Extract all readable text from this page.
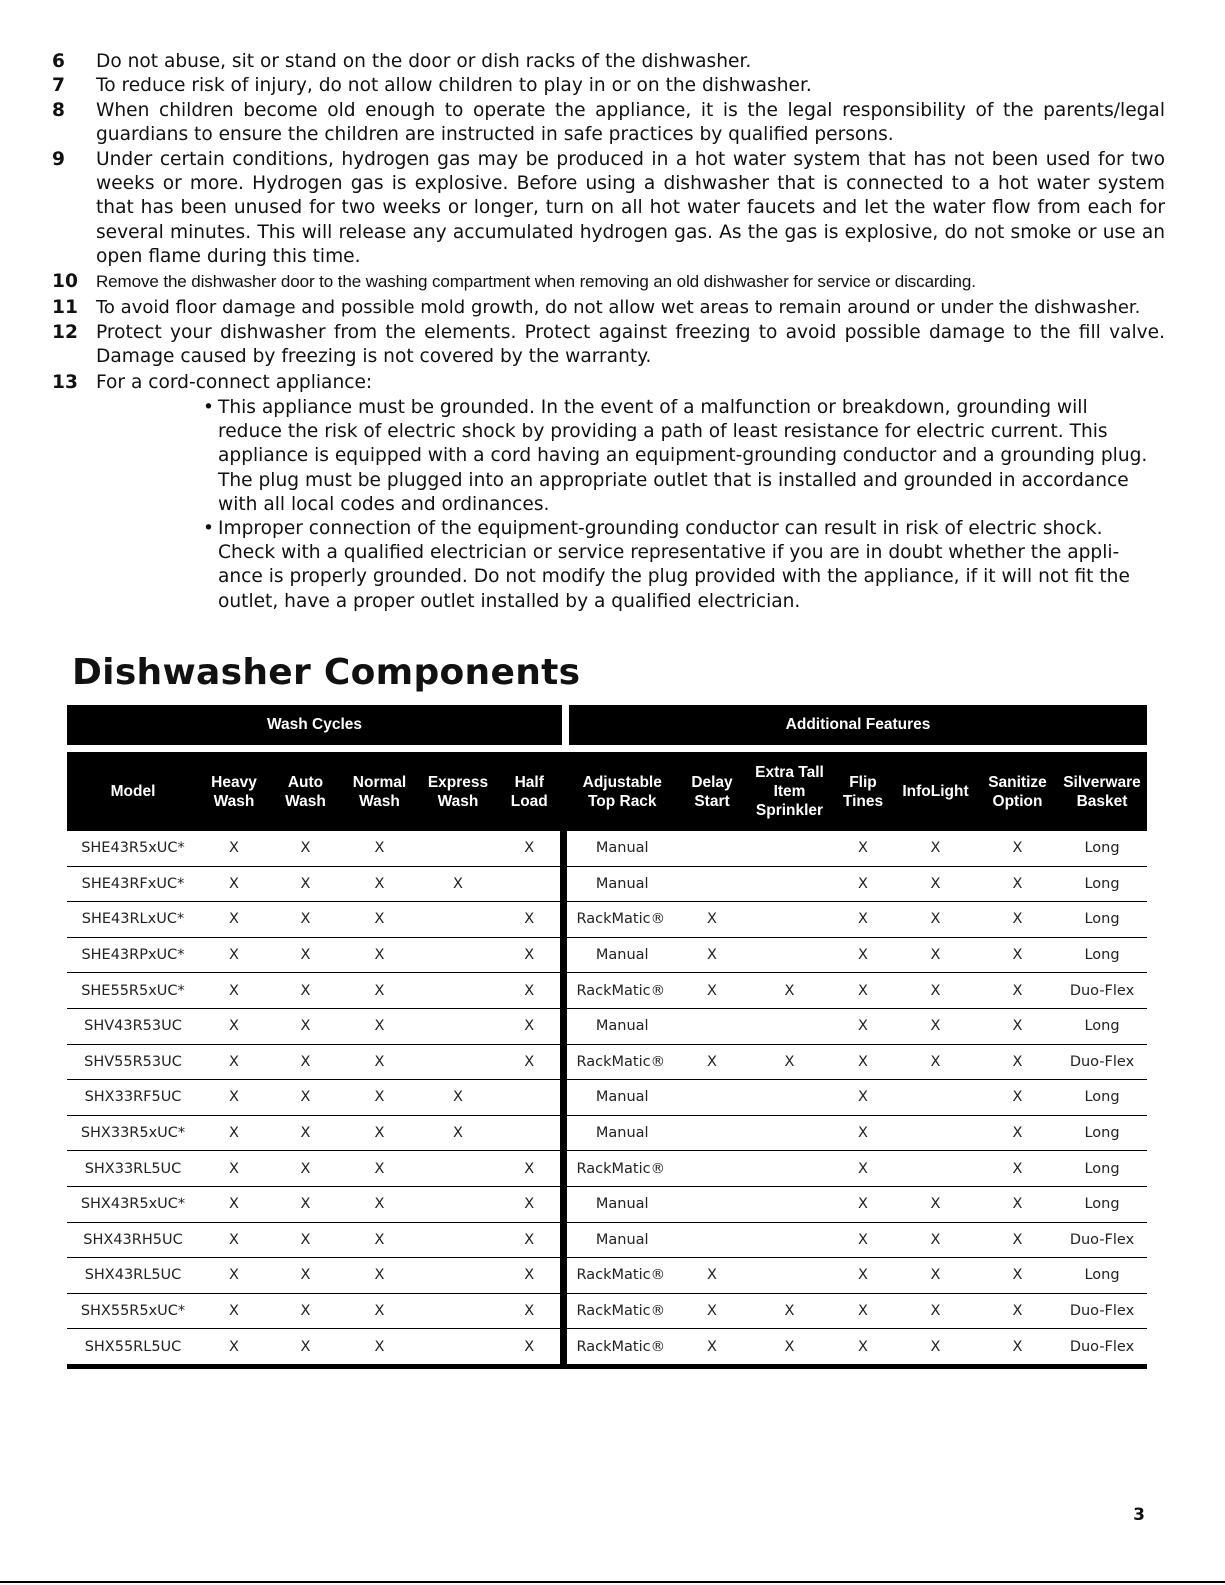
6	Do not abuse, sit or stand on the door or dish racks of the dishwasher.
7	To reduce risk of injury, do not allow children to play in or on the dishwasher.
8	When children become old enough to operate the appliance, it is the legal responsibility of the parents/legal guardians to ensure the children are instructed in safe practices by qualified persons.
9	Under certain conditions, hydrogen gas may be produced in a hot water system that has not been used for two weeks or more. Hydrogen gas is explosive. Before using a dishwasher that is connected to a hot water system that has been unused for two weeks or longer, turn on all hot water faucets and let the water flow from each for several minutes. This will release any accumulated hydrogen gas. As the gas is explosive, do not smoke or use an open flame during this time.
10	Remove the dishwasher door to the washing compartment when removing an old dishwasher for service or discarding.
11	To avoid floor damage and possible mold growth, do not allow wet areas to remain around or under the dishwasher.
12 Protect your dishwasher from the elements. Protect against freezing to avoid possible damage to the fill valve. Damage caused by freezing is not covered by the warranty.
13 For a cord-connect appliance:
• This appliance must be grounded. In the event of a malfunction or breakdown, grounding will reduce the risk of electric shock by providing a path of least resistance for electric current. This appliance is equipped with a cord having an equipment-grounding conductor and a grounding plug. The plug must be plugged into an appropriate outlet that is installed and grounded in accordance with all local codes and ordinances.
• Improper connection of the equipment-grounding conductor can result in risk of electric shock. Check with a qualified electrician or service representative if you are in doubt whether the appli-ance is properly grounded. Do not modify the plug provided with the appliance, if it will not fit the outlet, have a proper outlet installed by a qualified electrician.
Dishwasher Components
Wash Cycles	Additional Features
Model	Heavy Wash	Auto Wash	Normal Wash	Express Wash	Half Load	Adjustable Top Rack	Delay Start	Extra Tall Item Sprinkler	Flip Tines	InfoLight	Sanitize Option	Silverware Basket
SHE43R5xUC*	X	X	X		X	Manual			X	X	X	Long
SHE43RFxUC*	X	X	X	X		Manual			X	X	X	Long
SHE43RLxUC*	X	X	X		X	RackMatic®	X		X	X	X	Long
SHE43RPxUC*	X	X	X		X	Manual	X		X	X	X	Long
SHE55R5xUC*	X	X	X		X	RackMatic®	X	X	X	X	X	Duo-Flex
SHV43R53UC	X	X	X		X	Manual			X	X	X	Long
SHV55R53UC	X	X	X		X	RackMatic®	X	X	X	X	X	Duo-Flex
SHX33RF5UC	X	X	X	X		Manual			X		X	Long
SHX33R5xUC*	X	X	X	X		Manual			X		X	Long
SHX33RL5UC	X	X	X		X	RackMatic®			X		X	Long
SHX43R5xUC*	X	X	X		X	Manual			X	X	X	Long
SHX43RH5UC	X	X	X		X	Manual			X	X	X	Duo-Flex
SHX43RL5UC	X	X	X		X	RackMatic®	X		X	X	X	Long
SHX55R5xUC*	X	X	X		X	RackMatic®	X	X	X	X	X	Duo-Flex
SHX55RL5UC	X	X	X		X	RackMatic®	X	X	X	X	X	Duo-Flex
3
